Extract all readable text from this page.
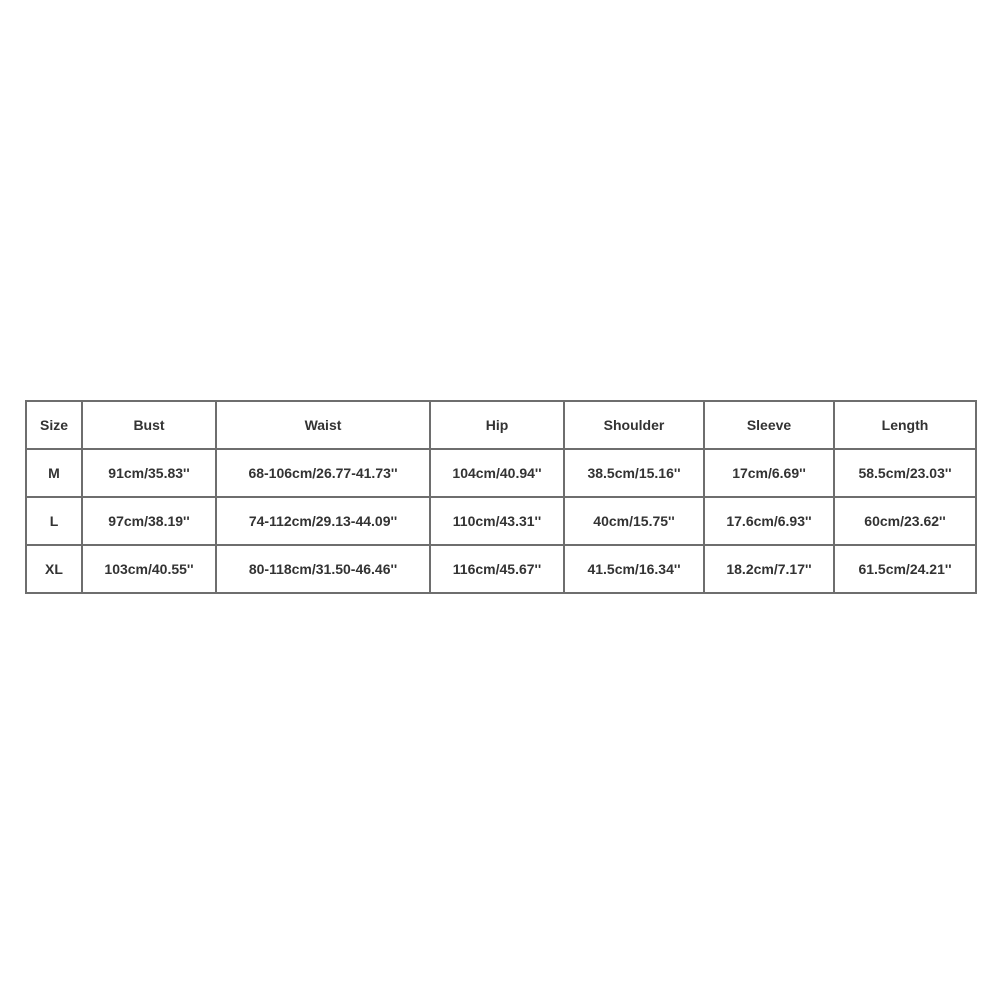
Size	Bust	Waist	Hip	Shoulder	Sleeve	Length
M	91cm/35.83''	68-106cm/26.77-41.73''	104cm/40.94''	38.5cm/15.16''	17cm/6.69''	58.5cm/23.03''
L	97cm/38.19''	74-112cm/29.13-44.09''	110cm/43.31''	40cm/15.75''	17.6cm/6.93''	60cm/23.62''
XL	103cm/40.55''	80-118cm/31.50-46.46''	116cm/45.67''	41.5cm/16.34''	18.2cm/7.17''	61.5cm/24.21''
